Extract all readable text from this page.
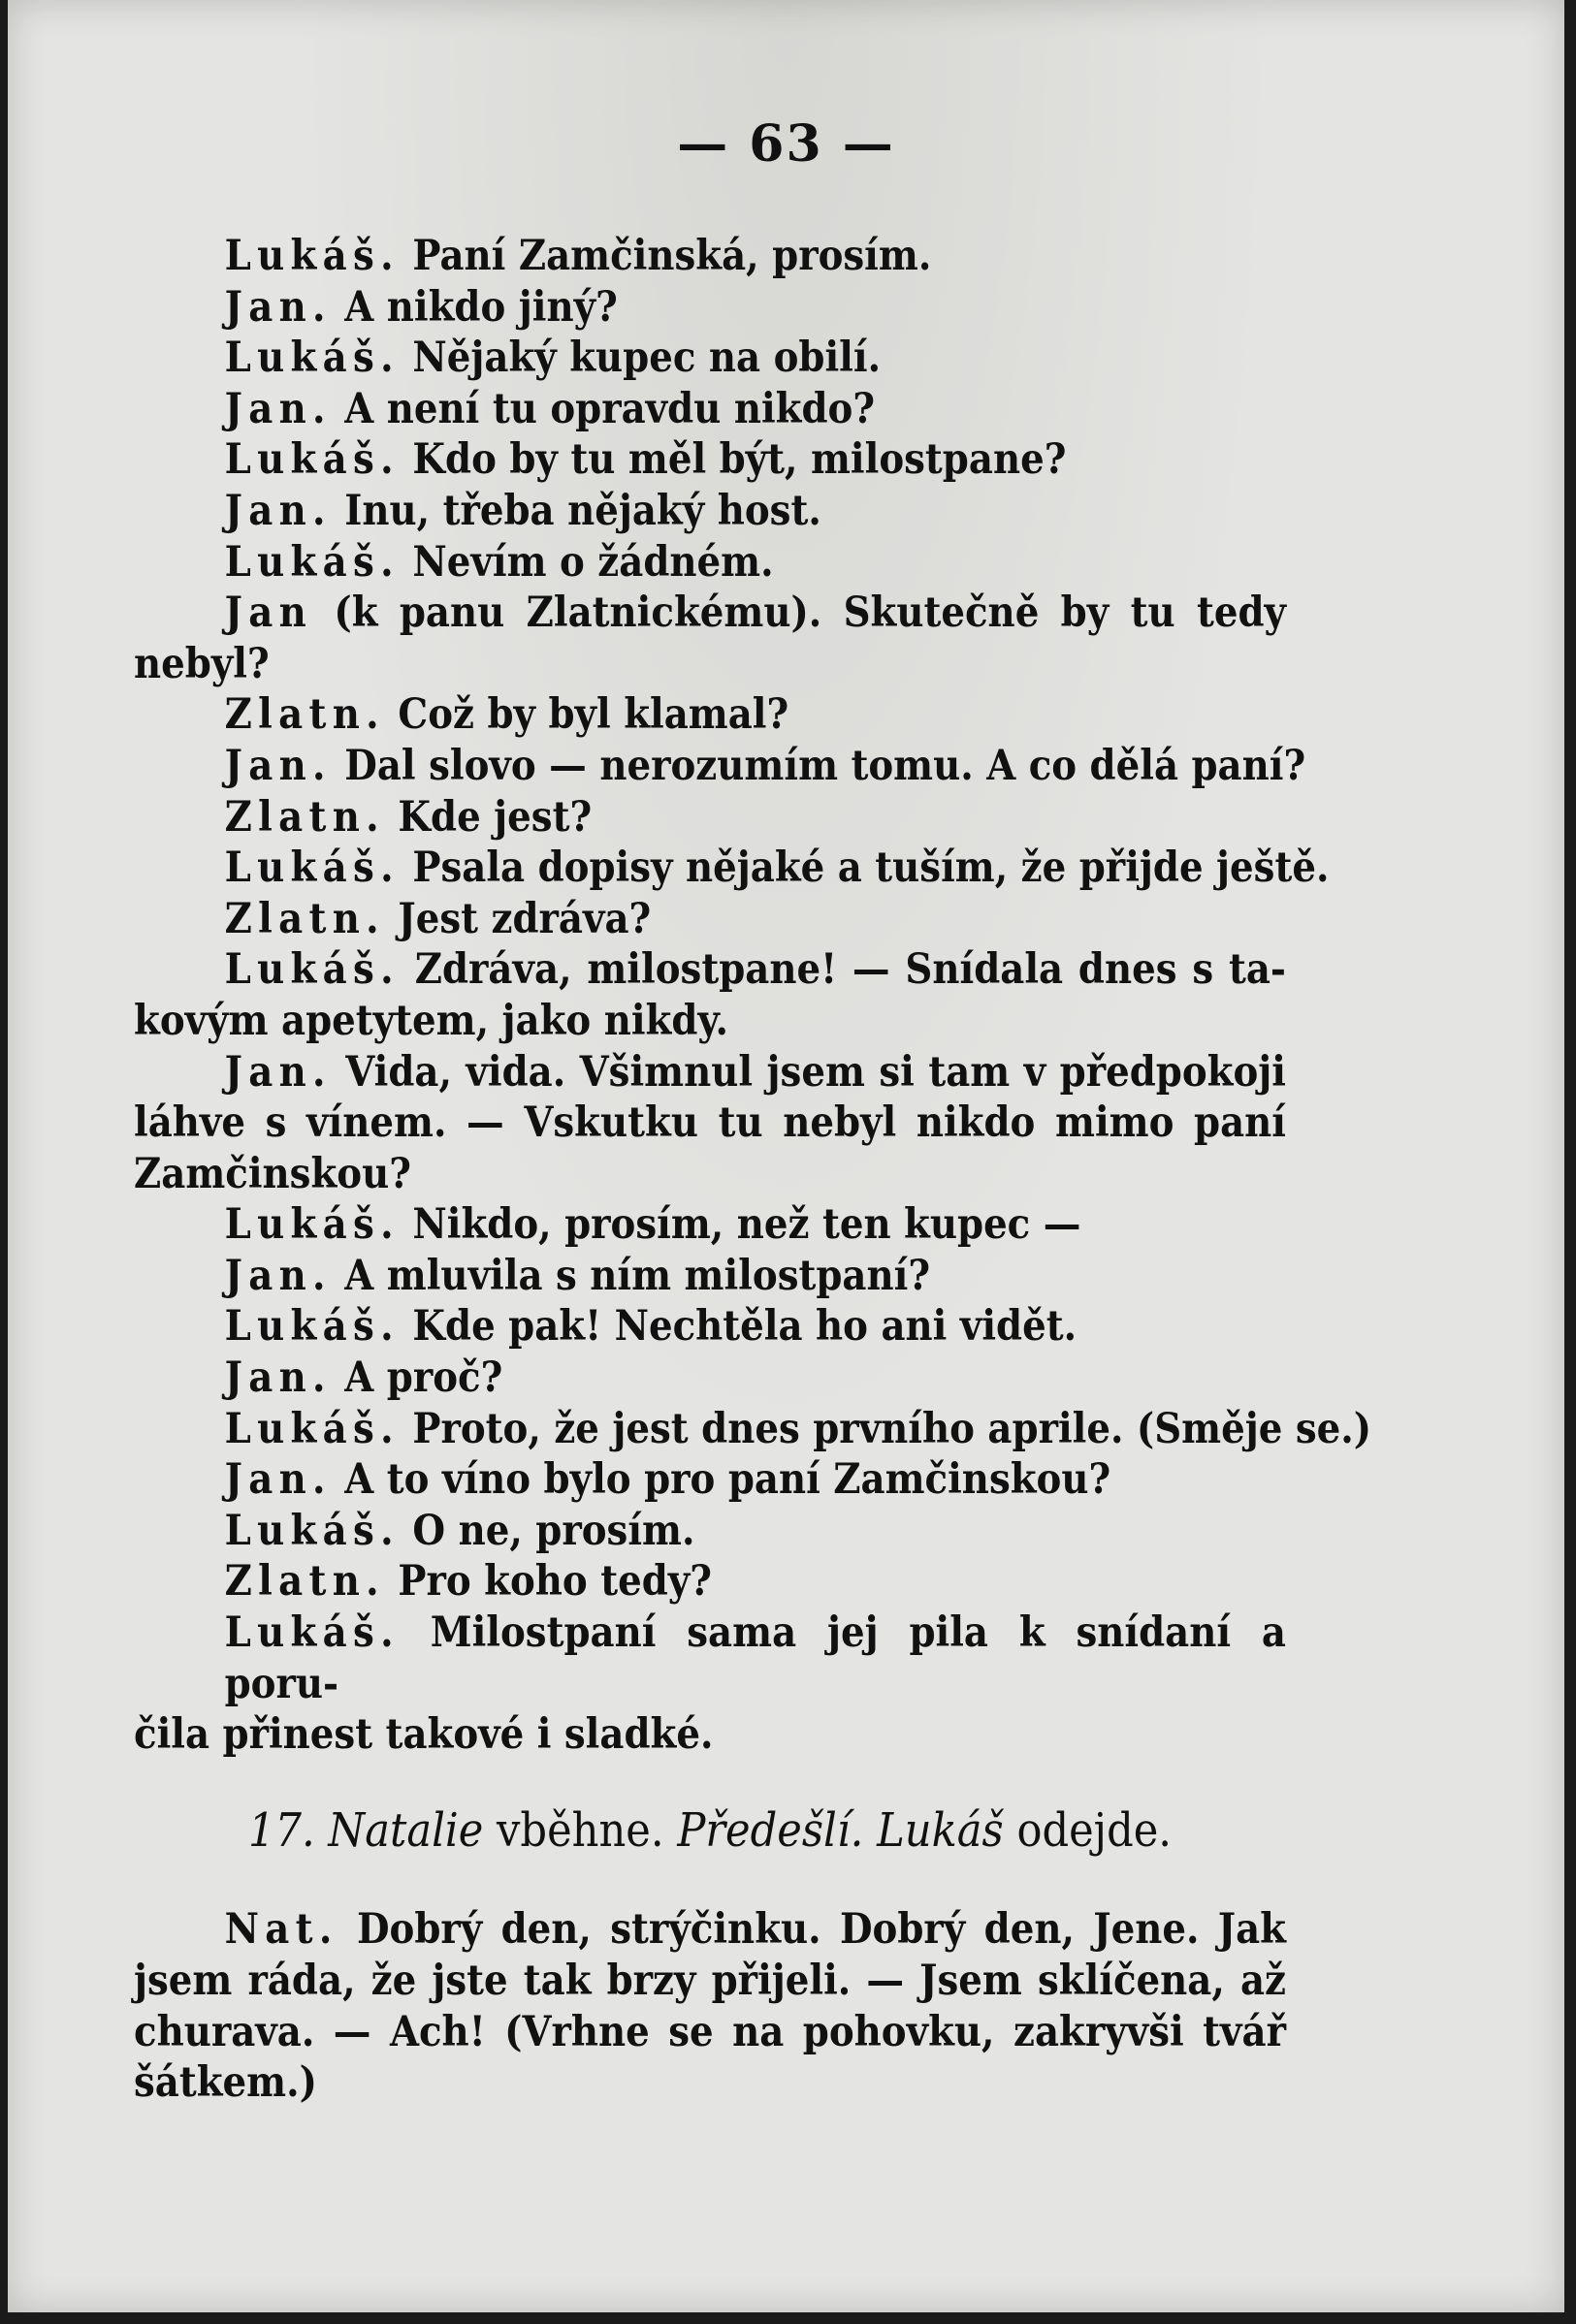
— 63 —
Lukáš. Paní Zamčinská, prosím.
Jan. A nikdo jiný?
Lukáš. Nějaký kupec na obilí.
Jan. A není tu opravdu nikdo?
Lukáš. Kdo by tu měl být, milostpane?
Jan. Inu, třeba nějaký host.
Lukáš. Nevím o žádném.
Jan (k panu Zlatnickému). Skutečně by tu tedy
nebyl?
Zlatn. Což by byl klamal?
Jan. Dal slovo — nerozumím tomu. A co dělá paní?
Zlatn. Kde jest?
Lukáš. Psala dopisy nějaké a tuším, že přijde ještě.
Zlatn. Jest zdráva?
Lukáš. Zdráva, milostpane! — Snídala dnes s ta-
kovým apetytem, jako nikdy.
Jan. Vida, vida. Všimnul jsem si tam v předpokoji
láhve s vínem. — Vskutku tu nebyl nikdo mimo paní
Zamčinskou?
Lukáš. Nikdo, prosím, než ten kupec —
Jan. A mluvila s ním milostpaní?
Lukáš. Kde pak! Nechtěla ho ani vidět.
Jan. A proč?
Lukáš. Proto, že jest dnes prvního aprile. (Směje se.)
Jan. A to víno bylo pro paní Zamčinskou?
Lukáš. O ne, prosím.
Zlatn. Pro koho tedy?
Lukáš. Milostpaní sama jej pila k snídaní a poru-
čila přinest takové i sladké.
17. Natalie vběhne. Předešlí. Lukáš odejde.
Nat. Dobrý den, strýčinku. Dobrý den, Jene. Jak
jsem ráda, že jste tak brzy přijeli. — Jsem sklíčena, až
churava. — Ach! (Vrhne se na pohovku, zakryvši tvář
šátkem.)
